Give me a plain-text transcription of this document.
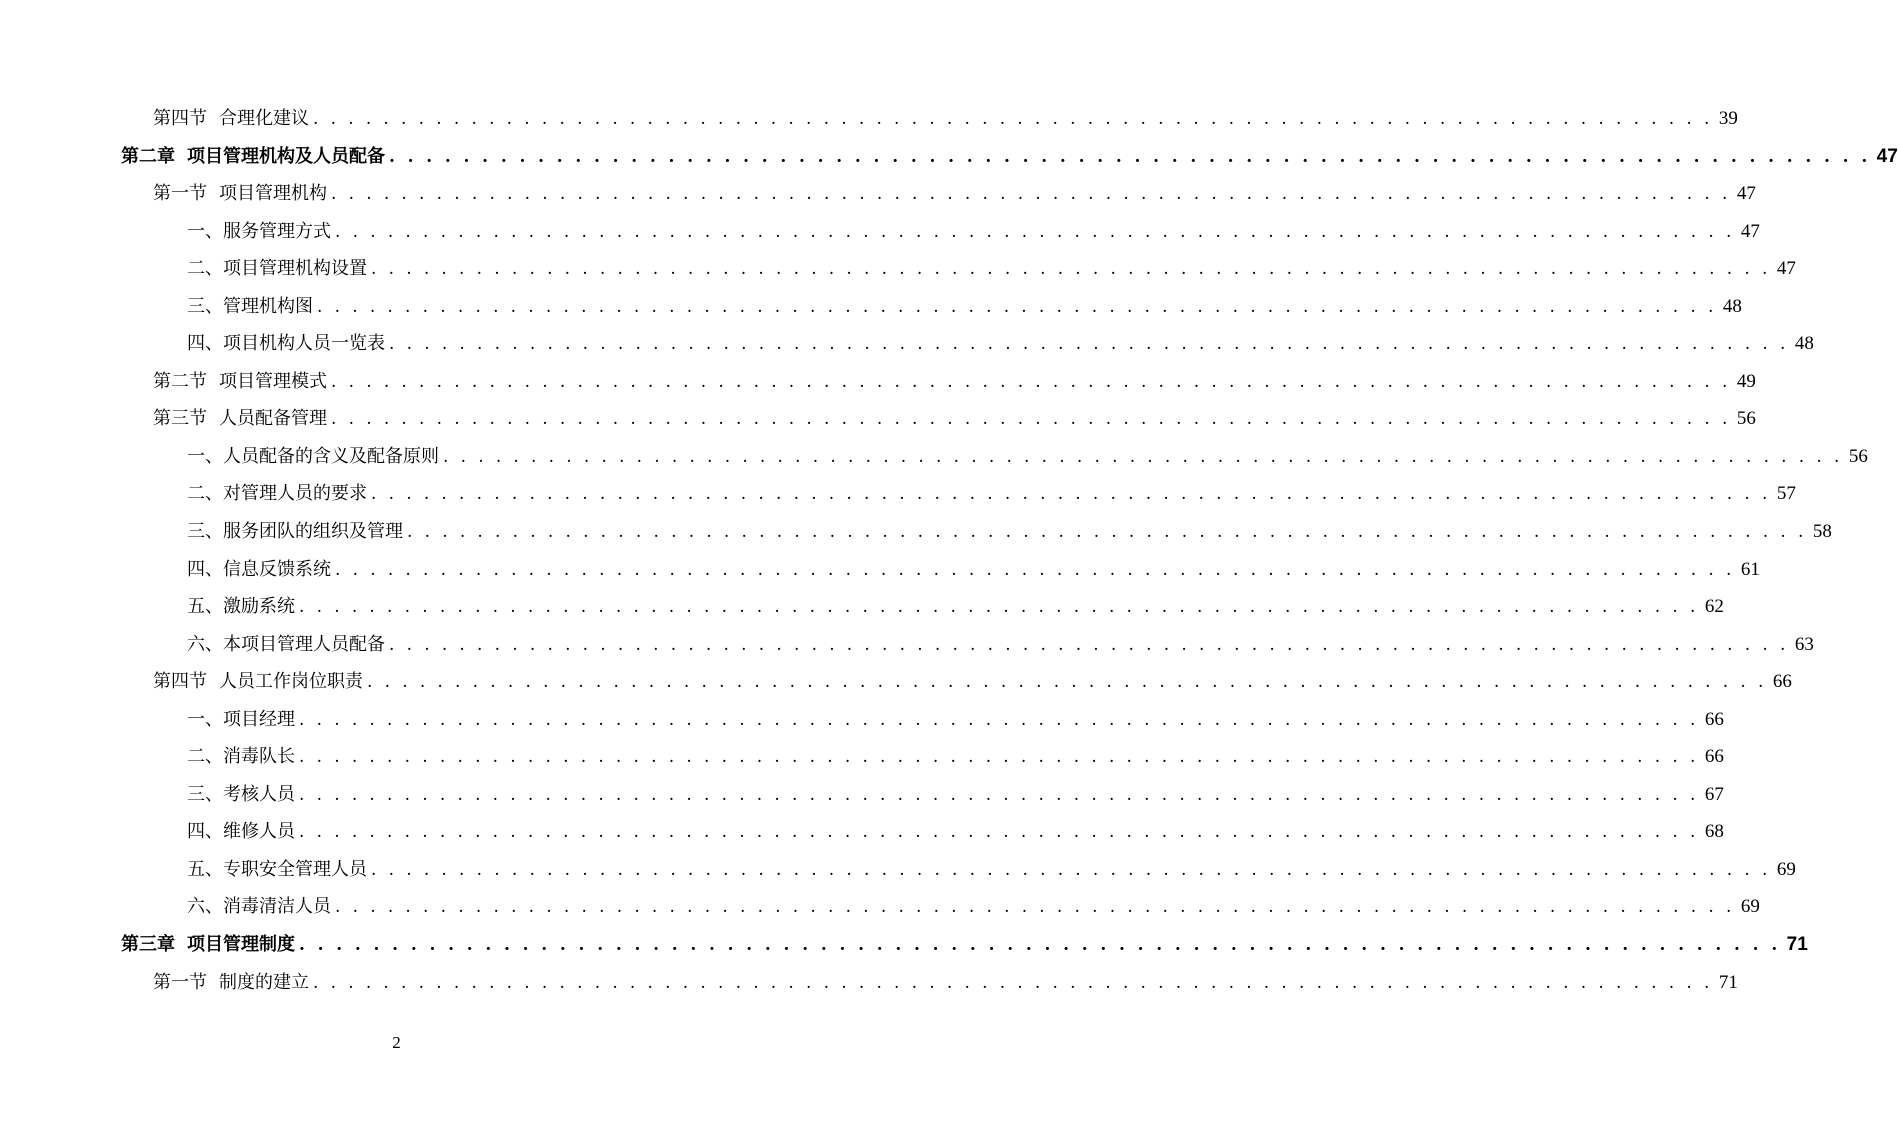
第四节 合理化建议 . . . . . . . . . . . . . . . . . . . . . . . . . . . . . . . . . . . . . . . . . . . . . . . . . . . . . . . . . . . . . . . . . . . . . . . . . . . . . . . . 39
第二章 项目管理机构及人员配备 . . . . . . . . . . . . . . . . . . . . . . . . . . . . . . . . . . . . . . . . . . . . . . . . . . . . . . . . . . . . . . . . . . . . . . . . . . . . . . . . 47
第一节 项目管理机构 . . . . . . . . . . . . . . . . . . . . . . . . . . . . . . . . . . . . . . . . . . . . . . . . . . . . . . . . . . . . . . . . . . . . . . . . . . . . . . . . 47
一、服务管理方式 . . . . . . . . . . . . . . . . . . . . . . . . . . . . . . . . . . . . . . . . . . . . . . . . . . . . . . . . . . . . . . . . . . . . . . . . . . . . . . . . 47
二、项目管理机构设置 . . . . . . . . . . . . . . . . . . . . . . . . . . . . . . . . . . . . . . . . . . . . . . . . . . . . . . . . . . . . . . . . . . . . . . . . . . . . . . . . 47
三、管理机构图 . . . . . . . . . . . . . . . . . . . . . . . . . . . . . . . . . . . . . . . . . . . . . . . . . . . . . . . . . . . . . . . . . . . . . . . . . . . . . . . . 48
四、项目机构人员一览表 . . . . . . . . . . . . . . . . . . . . . . . . . . . . . . . . . . . . . . . . . . . . . . . . . . . . . . . . . . . . . . . . . . . . . . . . . . . . . . . . 48
第二节 项目管理模式 . . . . . . . . . . . . . . . . . . . . . . . . . . . . . . . . . . . . . . . . . . . . . . . . . . . . . . . . . . . . . . . . . . . . . . . . . . . . . . . . 49
第三节 人员配备管理 . . . . . . . . . . . . . . . . . . . . . . . . . . . . . . . . . . . . . . . . . . . . . . . . . . . . . . . . . . . . . . . . . . . . . . . . . . . . . . . . 56
一、人员配备的含义及配备原则 . . . . . . . . . . . . . . . . . . . . . . . . . . . . . . . . . . . . . . . . . . . . . . . . . . . . . . . . . . . . . . . . . . . . . . . . . . . . . . . . 56
二、对管理人员的要求 . . . . . . . . . . . . . . . . . . . . . . . . . . . . . . . . . . . . . . . . . . . . . . . . . . . . . . . . . . . . . . . . . . . . . . . . . . . . . . . . 57
三、服务团队的组织及管理 . . . . . . . . . . . . . . . . . . . . . . . . . . . . . . . . . . . . . . . . . . . . . . . . . . . . . . . . . . . . . . . . . . . . . . . . . . . . . . . . 58
四、信息反馈系统 . . . . . . . . . . . . . . . . . . . . . . . . . . . . . . . . . . . . . . . . . . . . . . . . . . . . . . . . . . . . . . . . . . . . . . . . . . . . . . . . 61
五、激励系统 . . . . . . . . . . . . . . . . . . . . . . . . . . . . . . . . . . . . . . . . . . . . . . . . . . . . . . . . . . . . . . . . . . . . . . . . . . . . . . . . 62
六、本项目管理人员配备 . . . . . . . . . . . . . . . . . . . . . . . . . . . . . . . . . . . . . . . . . . . . . . . . . . . . . . . . . . . . . . . . . . . . . . . . . . . . . . . . 63
第四节 人员工作岗位职责 . . . . . . . . . . . . . . . . . . . . . . . . . . . . . . . . . . . . . . . . . . . . . . . . . . . . . . . . . . . . . . . . . . . . . . . . . . . . . . . . 66
一、项目经理 . . . . . . . . . . . . . . . . . . . . . . . . . . . . . . . . . . . . . . . . . . . . . . . . . . . . . . . . . . . . . . . . . . . . . . . . . . . . . . . . 66
二、消毒队长 . . . . . . . . . . . . . . . . . . . . . . . . . . . . . . . . . . . . . . . . . . . . . . . . . . . . . . . . . . . . . . . . . . . . . . . . . . . . . . . . 66
三、考核人员 . . . . . . . . . . . . . . . . . . . . . . . . . . . . . . . . . . . . . . . . . . . . . . . . . . . . . . . . . . . . . . . . . . . . . . . . . . . . . . . . 67
四、维修人员 . . . . . . . . . . . . . . . . . . . . . . . . . . . . . . . . . . . . . . . . . . . . . . . . . . . . . . . . . . . . . . . . . . . . . . . . . . . . . . . . 68
五、专职安全管理人员 . . . . . . . . . . . . . . . . . . . . . . . . . . . . . . . . . . . . . . . . . . . . . . . . . . . . . . . . . . . . . . . . . . . . . . . . . . . . . . . . 69
六、消毒清洁人员 . . . . . . . . . . . . . . . . . . . . . . . . . . . . . . . . . . . . . . . . . . . . . . . . . . . . . . . . . . . . . . . . . . . . . . . . . . . . . . . . 69
第三章 项目管理制度 . . . . . . . . . . . . . . . . . . . . . . . . . . . . . . . . . . . . . . . . . . . . . . . . . . . . . . . . . . . . . . . . . . . . . . . . . . . . . . . . 71
第一节 制度的建立 . . . . . . . . . . . . . . . . . . . . . . . . . . . . . . . . . . . . . . . . . . . . . . . . . . . . . . . . . . . . . . . . . . . . . . . . . . . . . . . . 71
2
